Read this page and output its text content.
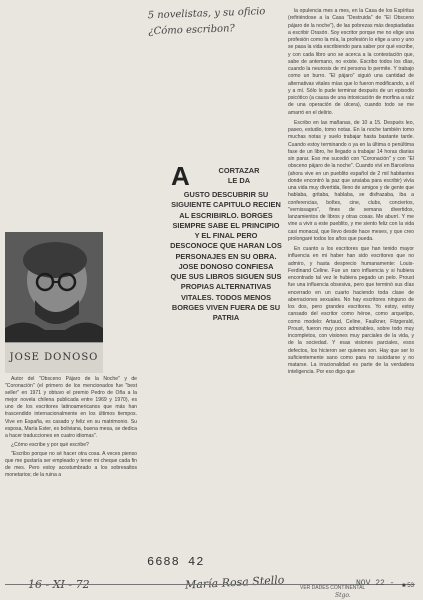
5 novelistas, y su oficio
¿Cómo escribon?

la opulencia mes a mes, en la Casa de los Espíritus (refiriéndose a la Casa "Destruida" de "El Obsceno pájaro de la noche"), de las pobrezas más despiadadas a escribir Orasón. Soy escritor porque me no elige una profesión como la mía, la profesión lo elige a uno y uno se pasa la vida escribiendo para saber por qué escribe, y con cada libro uno se acerca a la contestación que, sabe de antemano, no existe. Escribo todos los días, cuando la neurosis de mi persona lo permite. Y trabajo como un burro. "El pájaro" siguió una cantidad de alternativas vitales mías que lo fueron modificando, a él y a mí. Sólo lo pude terminar después de un episodio psicótico (a causa de una intoxicación de morfina a raíz de una operación de úlcera), cuando todo se me amarró en el delirio.

Escribo en las mañanas, de 10 a 15. Después leo, paseo, estudio, tomo notas. En la noche también tomo muchas notas y suelo trabajar hasta bastante tarde. Cuando estoy terminando o ya en la última o penúltima fase de un libro, he llegado a trabajar 14 horas diarias sin parar. Eso me sucedió con "Coronación" y con "El obsceno pájaro de la noche". Cuando viví en Barcelona (ahora vive en un pueblito español de 2 mil habitantes donde encontró la paz que ansiaba para escribir) vivía una vida muy divertida, lleno de amigos y de gente que hablaba, gritaba, hablaba, se disfrazaba, iba a conferencias, boîtes, cine, clubs, conciertos, "vernissages", fines de semana divertidos, lanzamientos de libros y otras cosas. Me aburrí. Y me vine a vivir a este pueblito, y me siento feliz con la vida casi monacal, que llevo desde hace meses, y que creo prolongaré todos los años que pueda.

En cuanto a los escritores que han tenido mayor influencia en mi haber han sido escritores que no admiro, y hasta desprecio humanamente: Louis-Ferdinand Celine. Fue un raro influencia y si hubiera encontrado tal vez le hubiera pegado un pelo. Proust fue una influencia obsesiva, pero que terminó sus días encerrado en un cuarto haciendo toda clase de aberraciones sexuales. No hay escritores ninguno de los dos, pero grandes escritores. Yo estoy, estoy cansado del escritor como héroe, como arquetipo, como modelo: Artaud, Celine, Faulkner, Fitzgerald, Proust, fueron muy poco admirables, sobre todo muy incompletos, con visiones muy parciales de la vida, y de la sociedad. Y esas visiones parciales, esos defectos, los hicieron ser quienes son. Hay que ser lo suficientemente sano como para no suicidarse y no matarse. La irracionalidad es parte de la verdadera inteligencia. Por eso digo que

A	CORTAZAR
LE DA
GUSTO DESCUBRIR SU SIGUIENTE CAPITULO RECIEN AL ESCRIBIRLO. BORGES SIEMPRE SABE EL PRINCIPIO Y EL FINAL PERO DESCONOCE QUE HARAN LOS PERSONAJES EN SU OBRA. JOSE DONOSO CONFIESA QUE SUS LIBROS SIGUEN SUS PROPIAS ALTERNATIVAS VITALES. TODOS MENOS BORGES VIVEN FUERA DE SU PATRIA
JOSE DONOSO

Autor del "Obsceno Pájaro de la Noche" y de "Coronación" (el primero de los mencionados fue "best seller" en 1971 y obtuvo el premio Pedro de Oña a la mejor novela chilena publicada entre 1969 y 1970), es uno de los escritores latinoamericanos que más han trascendido internacionalmente en los últimos tiempos. Vive en España, es casado y feliz en su matrimonio. Su esposa, María Ester, es boliviana, buena mesa, se dedica a hacer traducciones en cuatro idiomas".

¿Cómo escribe y por qué escribe?

"Escribo porque no sé hacer otra cosa. A veces pienso que me gustaría ser empleado y tener mi cheque cada fin de mes. Pero estoy acostumbrado a los sobresaltos monetarios; de la ruina a

6688 42
16 - XI - 72	María Rosa Stello	VER DADES CONTINENTAL
NOV 22 - ■ 53
Stgo.
